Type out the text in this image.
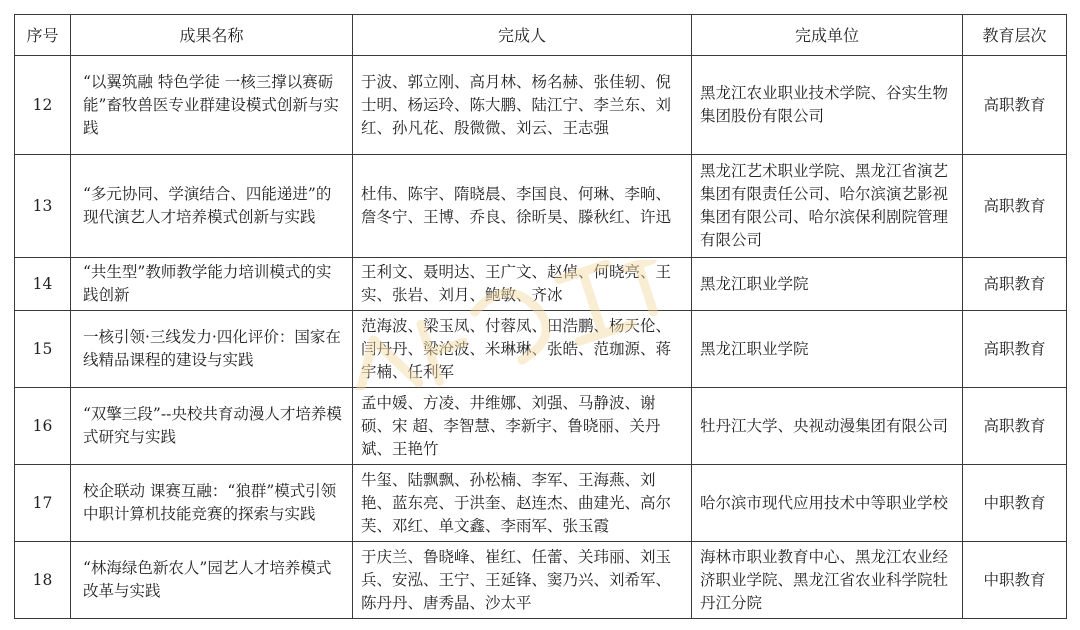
序号	成果名称	完成人	完成单位	教育层次
12	“以翼筑融 特色学徒 一核三撑以赛砺能”畜牧兽医专业群建设模式创新与实践	于波、郭立刚、高月林、杨名赫、张佳轫、倪士明、杨运玲、陈大鹏、陆江宁、李兰东、刘红、孙凡花、殷微微、刘云、王志强	黑龙江农业职业技术学院、谷实生物集团股份有限公司	高职教育
13	“多元协同、学演结合、四能递进”的现代演艺人才培养模式创新与实践	杜伟、陈宇、隋晓晨、李国良、何琳、李晌、詹冬宁、王博、乔良、徐昕昊、滕秋红、许迅	黑龙江艺术职业学院、黑龙江省演艺集团有限责任公司、哈尔滨演艺影视集团有限公司、哈尔滨保利剧院管理有限公司	高职教育
14	“共生型”教师教学能力培训模式的实践创新	王利文、聂明达、王广文、赵倬、何晓亮、王实、张岩、刘月、鲍敏、齐冰	黑龙江职业学院	高职教育
15	一核引领·三线发力·四化评价：国家在线精品课程的建设与实践	范海波、梁玉凤、付蓉凤、田浩鹏、杨天伦、闫丹丹、梁沧波、米琳琳、张皓、范珈源、蒋宇楠、任利军	黑龙江职业学院	高职教育
16	“双擎三段”--央校共育动漫人才培养模式研究与实践	孟中媛、方凌、井维娜、刘强、马静波、谢硕、宋 超、李智慧、李新宇、鲁晓丽、关丹斌、王艳竹	牡丹江大学、央视动漫集团有限公司	高职教育
17	校企联动 课赛互融：“狼群”模式引领中职计算机技能竞赛的探索与实践	牛玺、陆飘飘、孙松楠、李军、王海燕、刘艳、蓝东亮、于洪奎、赵连杰、曲建光、高尔芙、邓红、单文鑫、李雨军、张玉霞	哈尔滨市现代应用技术中等职业学校	中职教育
18	“林海绿色新农人”园艺人才培养模式改革与实践	于庆兰、鲁晓峰、崔红、任蕾、关玮丽、刘玉兵、安泓、王宁、王延锋、窦乃兴、刘希军、陈丹丹、唐秀晶、沙太平	海林市职业教育中心、黑龙江农业经济职业学院、黑龙江省农业科学院牡丹江分院	中职教育
